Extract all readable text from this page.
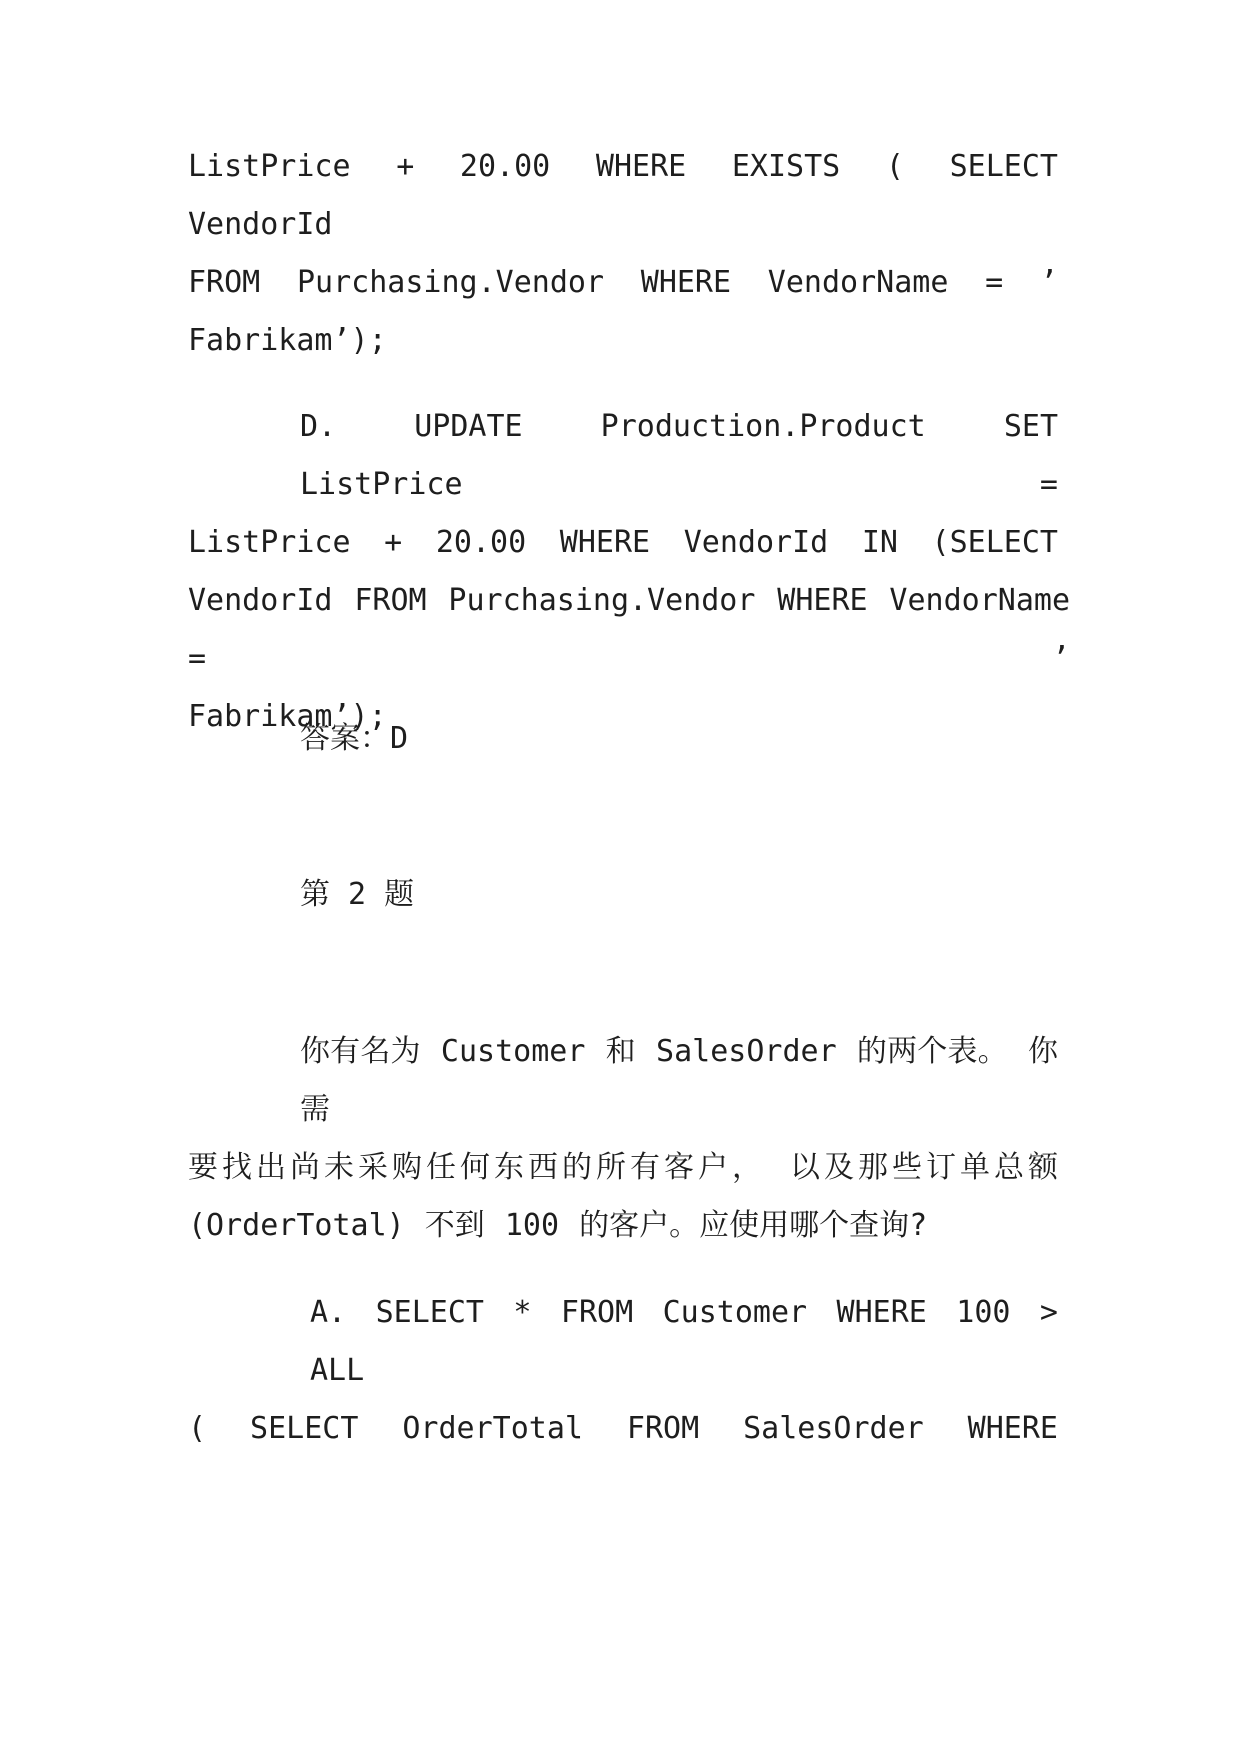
ListPrice + 20.00 WHERE EXISTS ( SELECT VendorId
FROM Purchasing.Vendor WHERE VendorName = ’
Fabrikam’);
D. UPDATE Production.Product SET ListPrice =
ListPrice + 20.00 WHERE VendorId IN (SELECT
VendorId FROM Purchasing.Vendor WHERE VendorName = ’
Fabrikam’);
答案：D
第 2 题
你有名为 Customer 和 SalesOrder 的两个表。 你需
要找出尚未采购任何东西的所有客户， 以及那些订单总额
(OrderTotal) 不到 100 的客户。应使用哪个查询?
A. SELECT * FROM Customer WHERE 100 > ALL
( SELECT OrderTotal FROM SalesOrder WHERE
